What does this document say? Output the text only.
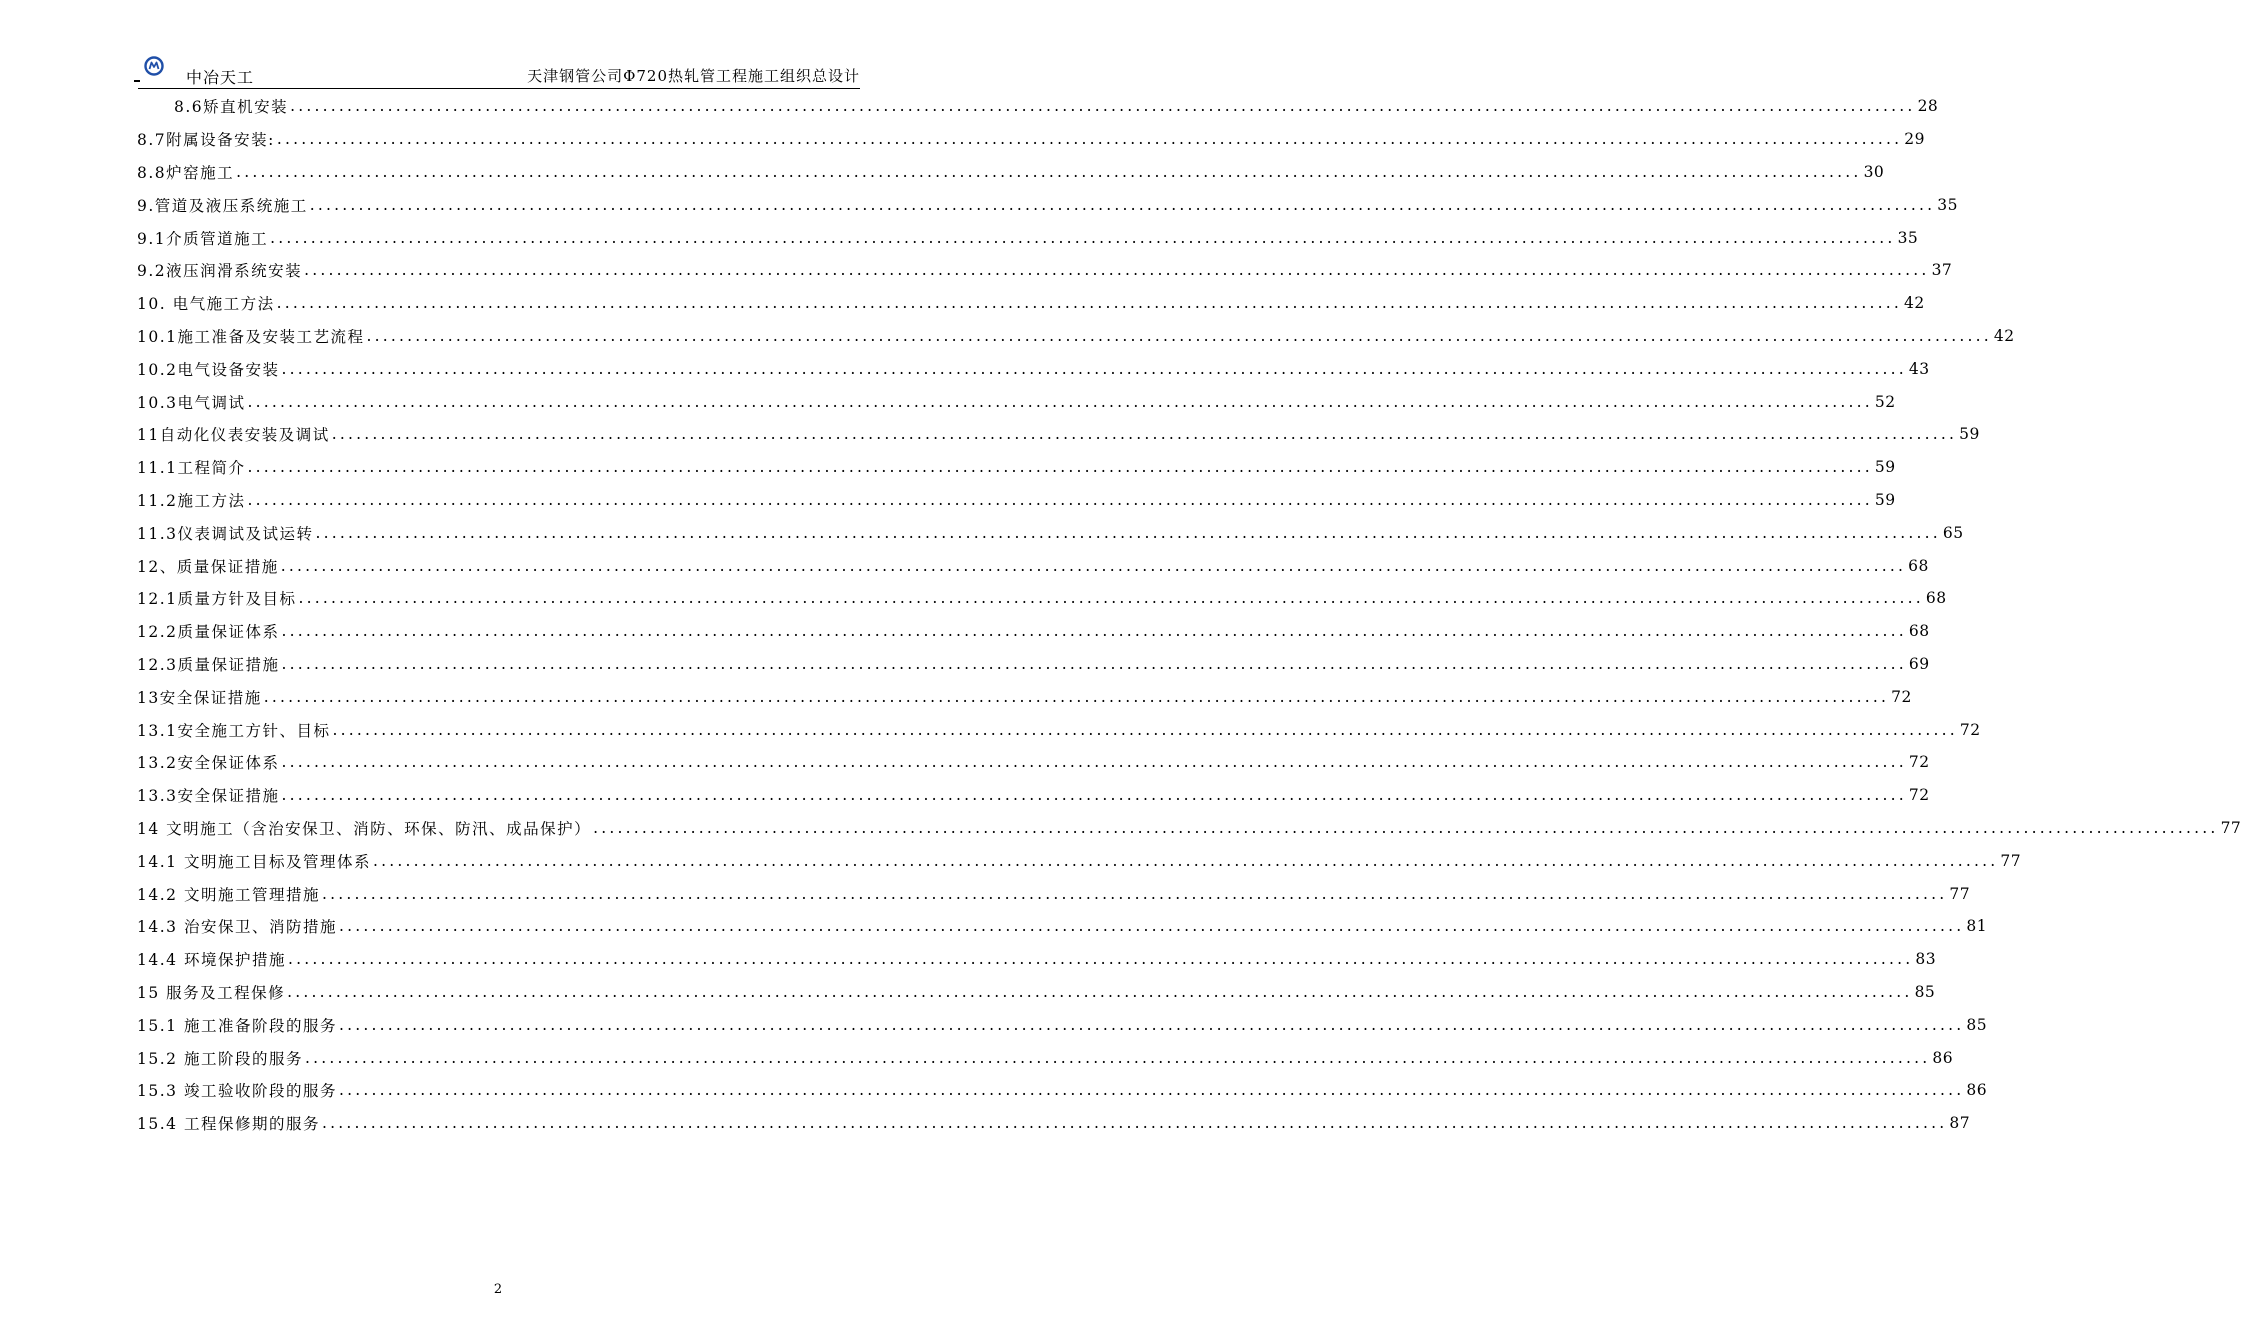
中冶天工	天津钢管公司Φ720热轧管工程施工组织总设计
8.6矫直机安装 ........................................................................................................................................................................................................ 28
8.7附属设备安装: ........................................................................................................................................................................................................ 29
8.8炉窑施工 ........................................................................................................................................................................................................ 30
9.管道及液压系统施工 ........................................................................................................................................................................................................ 35
9.1介质管道施工 ........................................................................................................................................................................................................ 35
9.2液压润滑系统安装 ........................................................................................................................................................................................................ 37
10. 电气施工方法 ........................................................................................................................................................................................................ 42
10.1施工准备及安装工艺流程 ........................................................................................................................................................................................................ 42
10.2电气设备安装 ........................................................................................................................................................................................................ 43
10.3电气调试 ........................................................................................................................................................................................................ 52
11自动化仪表安装及调试 ........................................................................................................................................................................................................ 59
11.1工程简介 ........................................................................................................................................................................................................ 59
11.2施工方法 ........................................................................................................................................................................................................ 59
11.3仪表调试及试运转 ........................................................................................................................................................................................................ 65
12、质量保证措施 ........................................................................................................................................................................................................ 68
12.1质量方针及目标 ........................................................................................................................................................................................................ 68
12.2质量保证体系 ........................................................................................................................................................................................................ 68
12.3质量保证措施 ........................................................................................................................................................................................................ 69
13安全保证措施 ........................................................................................................................................................................................................ 72
13.1安全施工方针、目标 ........................................................................................................................................................................................................ 72
13.2安全保证体系 ........................................................................................................................................................................................................ 72
13.3安全保证措施 ........................................................................................................................................................................................................ 72
14 文明施工（含治安保卫、消防、环保、防汛、成品保护） ........................................................................................................................................................................................................ 77
14.1 文明施工目标及管理体系 ........................................................................................................................................................................................................ 77
14.2 文明施工管理措施 ........................................................................................................................................................................................................ 77
14.3 治安保卫、消防措施 ........................................................................................................................................................................................................ 81
14.4 环境保护措施 ........................................................................................................................................................................................................ 83
15 服务及工程保修 ........................................................................................................................................................................................................ 85
15.1 施工准备阶段的服务 ........................................................................................................................................................................................................ 85
15.2 施工阶段的服务 ........................................................................................................................................................................................................ 86
15.3 竣工验收阶段的服务 ........................................................................................................................................................................................................ 86
15.4 工程保修期的服务 ........................................................................................................................................................................................................ 87
2
